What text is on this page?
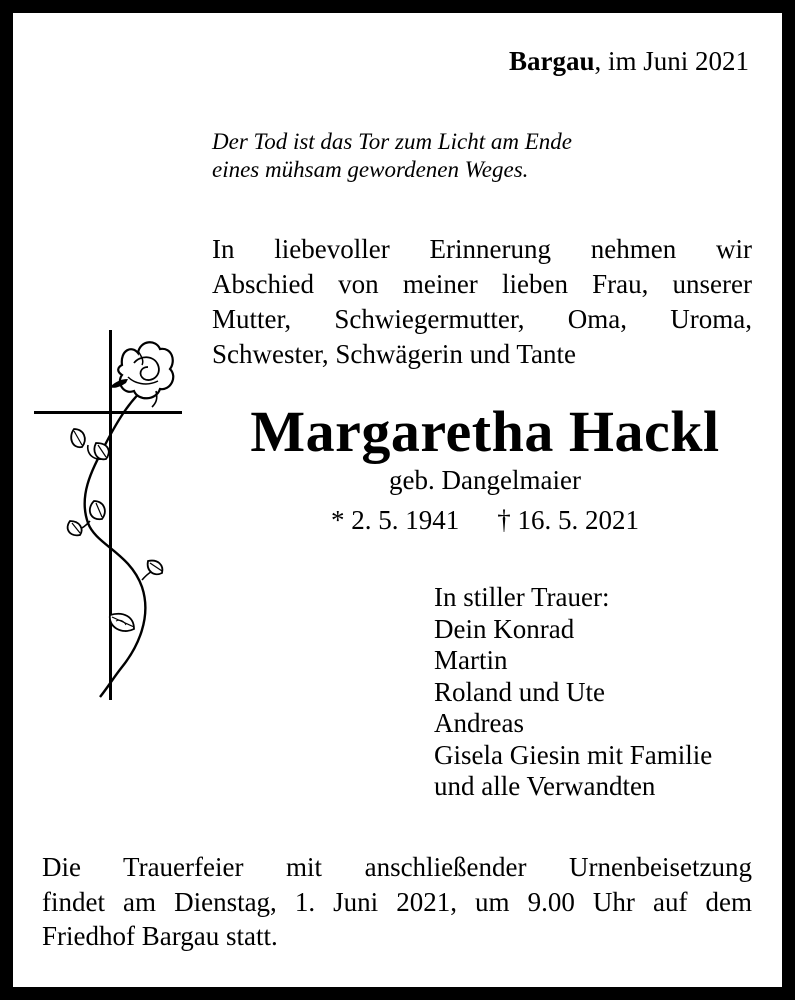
Bargau, im Juni 2021
Der Tod ist das Tor zum Licht am Ende
eines mühsam gewordenen Weges.
In liebevoller Erinnerung nehmen wir
Abschied von meiner lieben Frau, unserer
Mutter, Schwiegermutter, Oma, Uroma,
Schwester, Schwägerin und Tante
Margaretha Hackl
geb. Dangelmaier
* 2. 5. 1941 † 16. 5. 2021
In stiller Trauer:
Dein Konrad
Martin
Roland und Ute
Andreas
Gisela Giesin mit Familie
und alle Verwandten
Die Trauerfeier mit anschließender Urnenbeisetzung
findet am Dienstag, 1. Juni 2021, um 9.00 Uhr auf dem
Friedhof Bargau statt.
